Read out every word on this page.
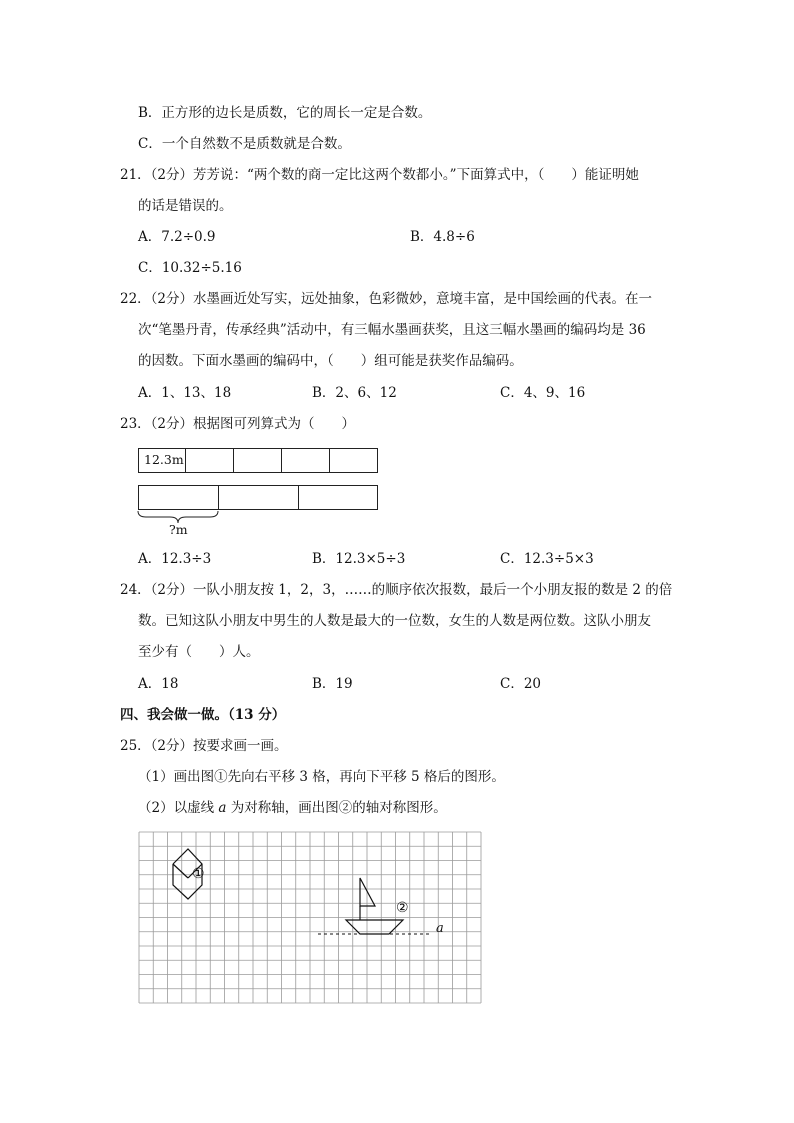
B．正方形的边长是质数，它的周长一定是合数。
C．一个自然数不是质数就是合数。
21．（2分）芳芳说：“两个数的商一定比这两个数都小。”下面算式中，（　　）能证明她
的话是错误的。
A．7.2÷0.9	B．4.8÷6
C．10.32÷5.16
22．（2分）水墨画近处写实，远处抽象，色彩微妙，意境丰富，是中国绘画的代表。在一
次“笔墨丹青，传承经典”活动中，有三幅水墨画获奖，且这三幅水墨画的编码均是 36
的因数。下面水墨画的编码中，（　　）组可能是获奖作品编码。
A．1、13、18	B．2、6、12	C．4、9、16
23．（2分）根据图可列算式为（　　）
12.3m
?m
A．12.3÷3	B．12.3×5÷3	C．12.3÷5×3
24．（2分）一队小朋友按 1，2，3，……的顺序依次报数，最后一个小朋友报的数是 2 的倍
数。已知这队小朋友中男生的人数是最大的一位数，女生的人数是两位数。这队小朋友
至少有（　　）人。
A．18	B．19	C．20
四、我会做一做。（13 分）
25．（2分）按要求画一画。
（1）画出图①先向右平移 3 格，再向下平移 5 格后的图形。
（2）以虚线 a 为对称轴，画出图②的轴对称图形。
①
②
a
